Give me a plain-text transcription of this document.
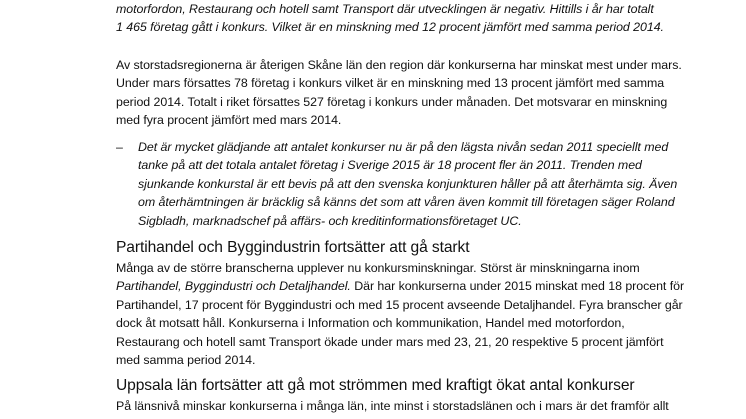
motorfordon, Restaurang och hotell samt Transport där utvecklingen är negativ. Hittills i år har totalt
1 465 företag gått i konkurs. Vilket är en minskning med 12 procent jämfört med samma period 2014.
Av storstadsregionerna är återigen Skåne län den region där konkurserna har minskat mest under mars.
Under mars försattes 78 företag i konkurs vilket är en minskning med 13 procent jämfört med samma
period 2014. Totalt i riket försattes 527 företag i konkurs under månaden. Det motsvarar en minskning
med fyra procent jämfört med mars 2014.
– Det är mycket glädjande att antalet konkurser nu är på den lägsta nivån sedan 2011 speciellt med
tanke på att det totala antalet företag i Sverige 2015 är 18 procent fler än 2011. Trenden med
sjunkande konkurstal är ett bevis på att den svenska konjunkturen håller på att återhämta sig. Även
om återhämtningen är bräcklig så känns det som att våren även kommit till företagen säger Roland
Sigbladh, marknadschef på affärs- och kreditinformationsföretaget UC.
Partihandel och Byggindustrin fortsätter att gå starkt
Många av de större branscherna upplever nu konkursminskningar. Störst är minskningarna inom
Partihandel, Byggindustri och Detaljhandel. Där har konkurserna under 2015 minskat med 18 procent för
Partihandel, 17 procent för Byggindustri och med 15 procent avseende Detaljhandel. Fyra branscher går
dock åt motsatt håll. Konkurserna i Information och kommunikation, Handel med motorfordon,
Restaurang och hotell samt Transport ökade under mars med 23, 21, 20 respektive 5 procent jämfört
med samma period 2014.
Uppsala län fortsätter att gå mot strömmen med kraftigt ökat antal konkurser
På länsnivå minskar konkurserna i många län, inte minst i storstadslänen och i mars är det framför allt
